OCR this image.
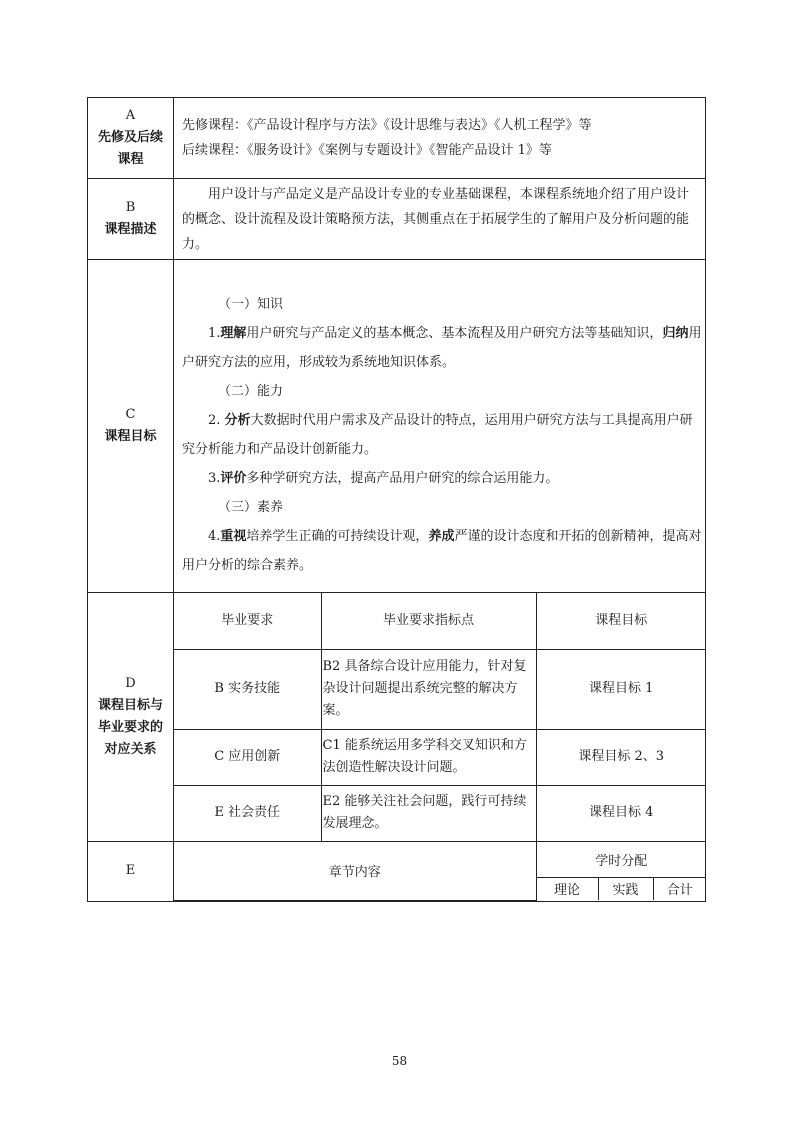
A
先修及后续
课程

先修课程：《产品设计程序与方法》《设计思维与表达》《人机工程学》等
后续课程：《服务设计》《案例与专题设计》《智能产品设计 1》等

B
课程描述

用户设计与产品定义是产品设计专业的专业基础课程，本课程系统地介绍了用户设计的概念、设计流程及设计策略预方法，其侧重点在于拓展学生的了解用户及分析问题的能力。

C
课程目标

（一）知识

1.理解用户研究与产品定义的基本概念、基本流程及用户研究方法等基础知识，归纳用户研究方法的应用，形成较为系统地知识体系。

（二）能力

2. 分析大数据时代用户需求及产品设计的特点，运用用户研究方法与工具提高用户研究分析能力和产品设计创新能力。

3.评价多种学研究方法，提高产品用户研究的综合运用能力。

（三）素养

4.重视培养学生正确的可持续设计观，养成严谨的设计态度和开拓的创新精神，提高对用户分析的综合素养。

D
课程目标与
毕业要求的
对应关系

毕业要求	毕业要求指标点	课程目标
B 实务技能	B2 具备综合设计应用能力，针对复杂设计问题提出系统完整的解决方案。	课程目标 1
C 应用创新	C1 能系统运用多学科交叉知识和方法创造性解决设计问题。	课程目标 2、3
E 社会责任	E2 能够关注社会问题，践行可持续发展理念。	课程目标 4

E
		章节内容	学时分配
理论	实践	合计
58
